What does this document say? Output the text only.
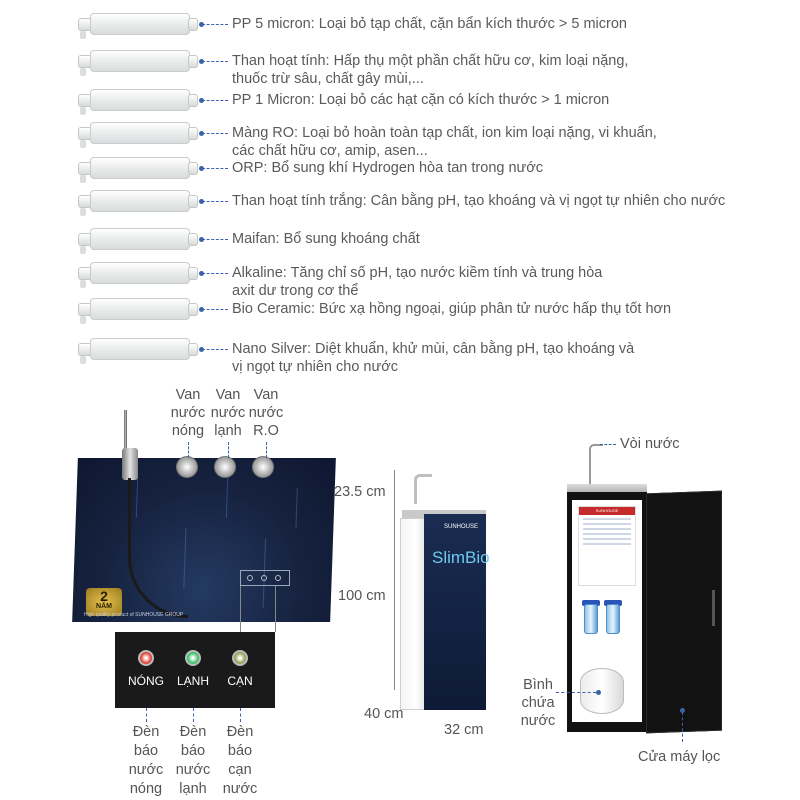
PP 5 micron: Loại bỏ tạp chất, cặn bẩn kích thước > 5 micron
Than hoạt tính: Hấp thụ một phần chất hữu cơ, kim loại nặng,
thuốc trừ sâu, chất gây mùi,...
PP 1 Micron: Loại bỏ các hạt cặn có kích thước > 1 micron
Màng RO: Loại bỏ hoàn toàn tạp chất, ion kim loại nặng, vi khuẩn,
các chất hữu cơ, amip, asen...
ORP: Bổ sung khí Hydrogen hòa tan trong nước
Than hoạt tính trắng: Cân bằng pH, tạo khoáng và vị ngọt tự nhiên cho nước
Maifan: Bổ sung khoáng chất
Alkaline: Tăng chỉ số pH, tạo nước kiềm tính và trung hòa
axit dư trong cơ thể
Bio Ceramic: Bức xạ hồng ngoại, giúp phân tử nước hấp thụ tốt hơn
Nano Silver: Diệt khuẩn, khử mùi, cân bằng pH, tạo khoáng và
vị ngọt tự nhiên cho nước
2
NĂM
High quality product of SUNHOUSE GROUP
Van
nước
nóng
Van
nước
lạnh
Van
nước
R.O
NÓNG
Đèn
báo
nước
nóng
LẠNH
Đèn
báo
nước
lạnh
CẠN
Đèn
báo
cạn
nước
SUNHOUSE
SlimBio
23.5 cm
100 cm
40 cm
32 cm
SUNHOUSE
Vòi nước
Bình
chứa
nước
Cửa máy lọc
